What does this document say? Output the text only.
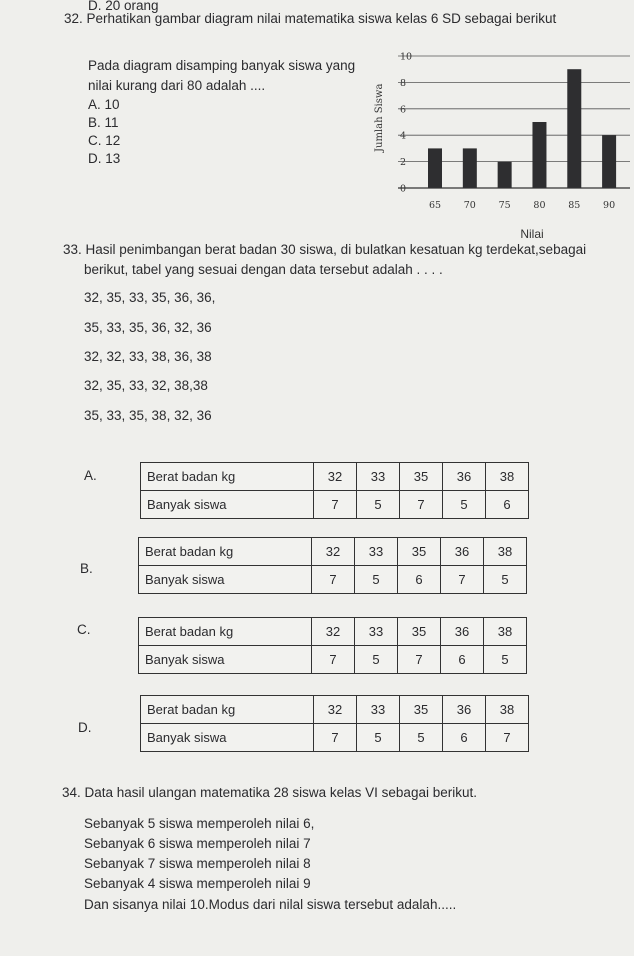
D. 20 orang
32. Perhatikan gambar diagram nilai matematika siswa kelas 6 SD sebagai berikut
Pada diagram disamping banyak siswa yang
nilai kurang dari 80 adalah ....
A. 10
B. 11
C. 12
D. 13
0
2
4
6
8
10
65 70 75 80 85 90
Jumlah Siswa
Nilai
33. Hasil penimbangan berat badan 30 siswa, di bulatkan kesatuan kg terdekat,sebagai
berikut, tabel yang sesuai dengan data tersebut adalah . . . .
32, 35, 33, 35, 36, 36,
35, 33, 35, 36, 32, 36
32, 32, 33, 38, 36, 38
32, 35, 33, 32, 38,38
35, 33, 35, 38, 32, 36
A.	Berat badan kg	32	33	35	36	38
Banyak siswa	7	5	7	5	6
B.
Berat badan kg	32	33	35	36	38
Banyak siswa	7	5	6	7	5
C.	Berat badan kg	32	33	35	36	38
Banyak siswa	7	5	7	6	5
D.
Berat badan kg	32	33	35	36	38
Banyak siswa	7	5	5	6	7
34. Data hasil ulangan matematika 28 siswa kelas VI sebagai berikut.
Sebanyak 5 siswa memperoleh nilai 6,
Sebanyak 6 siswa memperoleh nilai 7
Sebanyak 7 siswa memperoleh nilai 8
Sebanyak 4 siswa memperoleh nilai 9
Dan sisanya nilai 10.Modus dari nilal siswa tersebut adalah.....
